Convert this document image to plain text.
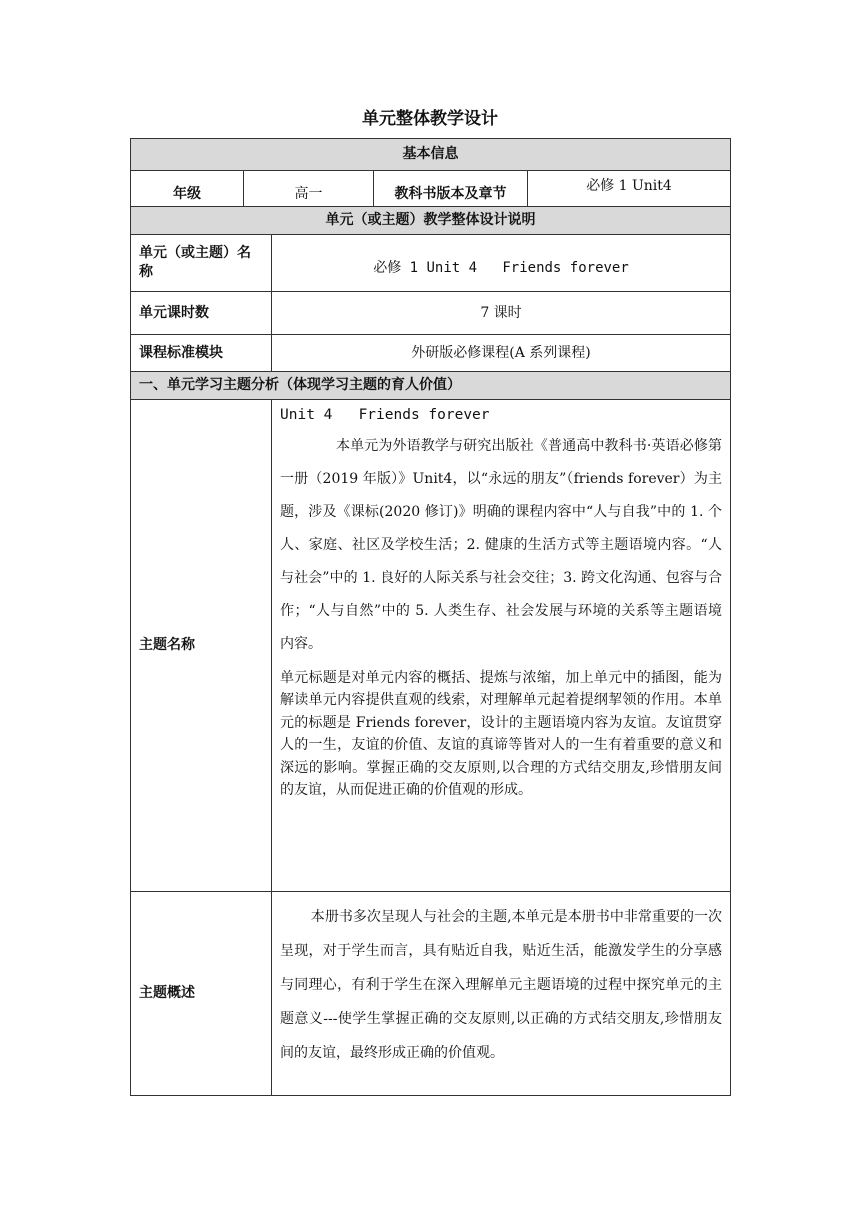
单元整体教学设计
基本信息				
年级	高一		教科书版本及章节	必修 1 Unit4
单元（或主题）教学整体设计说明				
单元（或主题）名称		必修 1 Unit 4   Friends forever		
单元课时数		7 课时		
课程标准模块		外研版必修课程(A 系列课程)		
一、单元学习主题分析（体现学习主题的育人价值）				
主题名称		Unit 4   Friends forever

本单元为外语教学与研究出版社《普通高中教科书·英语必修第一册（2019 年版）》Unit4，以“永远的朋友”（friends forever）为主题，涉及《课标(2020 修订)》明确的课程内容中“人与自我”中的 1. 个人、家庭、社区及学校生活；2. 健康的生活方式等主题语境内容。“人与社会”中的 1. 良好的人际关系与社会交往；3. 跨文化沟通、包容与合作；“人与自然”中的 5. 人类生存、社会发展与环境的关系等主题语境内容。

单元标题是对单元内容的概括、提炼与浓缩，加上单元中的插图，能为解读单元内容提供直观的线索，对理解单元起着提纲挈领的作用。本单元的标题是 Friends forever，设计的主题语境内容为友谊。友谊贯穿人的一生，友谊的价值、友谊的真谛等皆对人的一生有着重要的意义和深远的影响。掌握正确的交友原则,以合理的方式结交朋友,珍惜朋友间的友谊，从而促进正确的价值观的形成。		

主题概述		本册书多次呈现人与社会的主题,本单元是本册书中非常重要的一次呈现，对于学生而言，具有贴近自我，贴近生活，能激发学生的分享感与同理心，有利于学生在深入理解单元主题语境的过程中探究单元的主题意义---使学生掌握正确的交友原则,以正确的方式结交朋友,珍惜朋友间的友谊，最终形成正确的价值观。		
